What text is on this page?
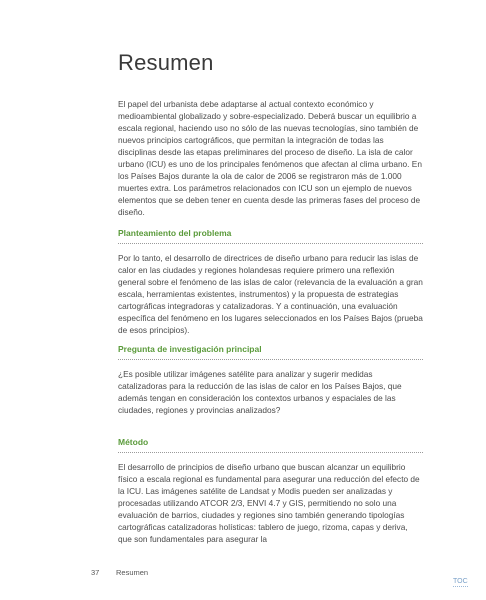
Resumen

El papel del urbanista debe adaptarse al actual contexto económico y medioambiental globalizado y sobre-especializado. Deberá buscar un equilibrio a escala regional, haciendo uso no sólo de las nuevas tecnologías, sino también de nuevos principios cartográficos, que permitan la integración de todas las disciplinas desde las etapas preliminares del proceso de diseño. La isla de calor urbano (ICU) es uno de los principales fenómenos que afectan al clima urbano. En los Países Bajos durante la ola de calor de 2006 se registraron más de 1.000 muertes extra. Los parámetros relacionados con ICU son un ejemplo de nuevos elementos que se deben tener en cuenta desde las primeras fases del proceso de diseño.

Planteamiento del problema

Por lo tanto, el desarrollo de directrices de diseño urbano para reducir las islas de calor en las ciudades y regiones holandesas requiere primero una reflexión general sobre el fenómeno de las islas de calor (relevancia de la evaluación a gran escala, herramientas existentes, instrumentos) y la propuesta de estrategias cartográficas integradoras y catalizadoras. Y a continuación, una evaluación específica del fenómeno en los lugares seleccionados en los Países Bajos (prueba de esos principios).

Pregunta de investigación principal

¿Es posible utilizar imágenes satélite para analizar y sugerir medidas catalizadoras para la reducción de las islas de calor en los Países Bajos, que además tengan en consideración los contextos urbanos y espaciales de las ciudades, regiones y provincias analizados?

Método

El desarrollo de principios de diseño urbano que buscan alcanzar un equilibrio físico a escala regional es fundamental para asegurar una reducción del efecto de la ICU. Las imágenes satélite de Landsat y Modis pueden ser analizadas y procesadas utilizando ATCOR 2/3, ENVI 4.7 y GIS, permitiendo no solo una evaluación de barrios, ciudades y regiones sino también generando tipologías cartográficas catalizadoras holísticas: tablero de juego, rizoma, capas y deriva, que son fundamentales para asegurar la

37 Resumen
TOC
